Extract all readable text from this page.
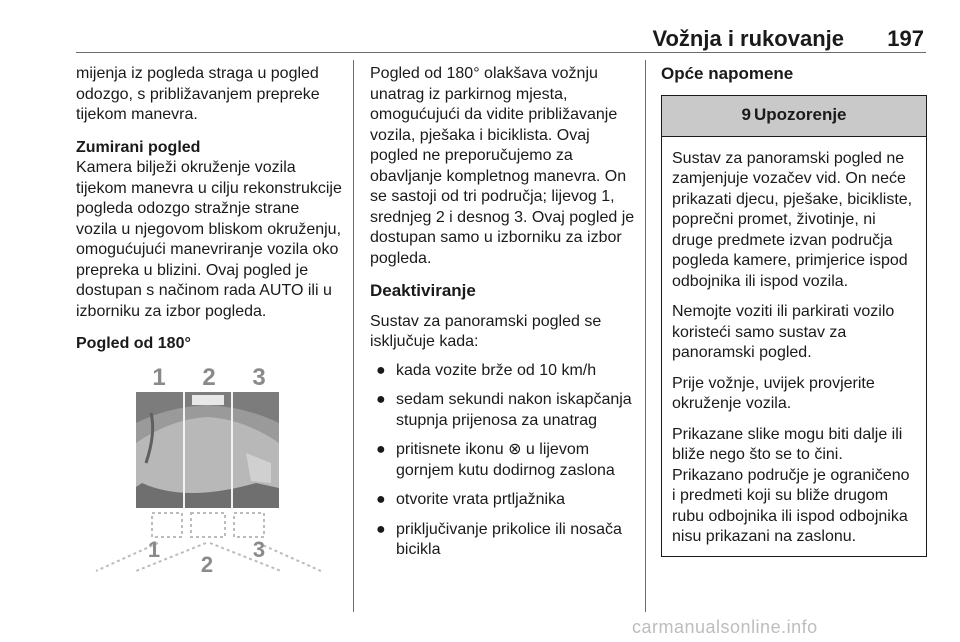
Vožnja i rukovanje 197

mijenja iz pogleda straga u pogled odozgo, s približavanjem prepreke tijekom manevra.

Zumirani pogled

Kamera bilježi okruženje vozila tijekom manevra u cilju rekonstrukcije pogleda odozgo stražnje strane vozila u njegovom bliskom okruženju, omogućujući manevriranje vozila oko prepreka u blizini. Ovaj pogled je dostupan s načinom rada AUTO ili u izborniku za izbor pogleda.

Pogled od 180°
1 2 3
1
2
3

Pogled od 180° olakšava vožnju unatrag iz parkirnog mjesta, omogućujući da vidite približavanje vozila, pješaka i biciklista. Ovaj pogled ne preporučujemo za obavljanje kompletnog manevra. On se sastoji od tri područja; lijevog 1, srednjeg 2 i desnog 3. Ovaj pogled je dostupan samo u izborniku za izbor pogleda.

Deaktiviranje

Sustav za panoramski pogled se isključuje kada:

● kada vozite brže od 10 km/h
● sedam sekundi nakon iskapčanja stupnja prijenosa za unatrag
● pritisnete ikonu ⊗ u lijevom gornjem kutu dodirnog zaslona
● otvorite vrata prtljažnika
● priključivanje prikolice ili nosača bicikla
Opće napomene
9 Upozorenje

Sustav za panoramski pogled ne zamjenjuje vozačev vid. On neće prikazati djecu, pješake, bicikliste, poprečni promet, životinje, ni druge predmete izvan područja pogleda kamere, primjerice ispod odbojnika ili ispod vozila.

Nemojte voziti ili parkirati vozilo koristeći samo sustav za panoramski pogled.

Prije vožnje, uvijek provjerite okruženje vozila.

Prikazane slike mogu biti dalje ili bliže nego što se to čini. Prikazano područje je ograničeno i predmeti koji su bliže drugom rubu odbojnika ili ispod odbojnika nisu prikazani na zaslonu.

carmanualsonline.info
